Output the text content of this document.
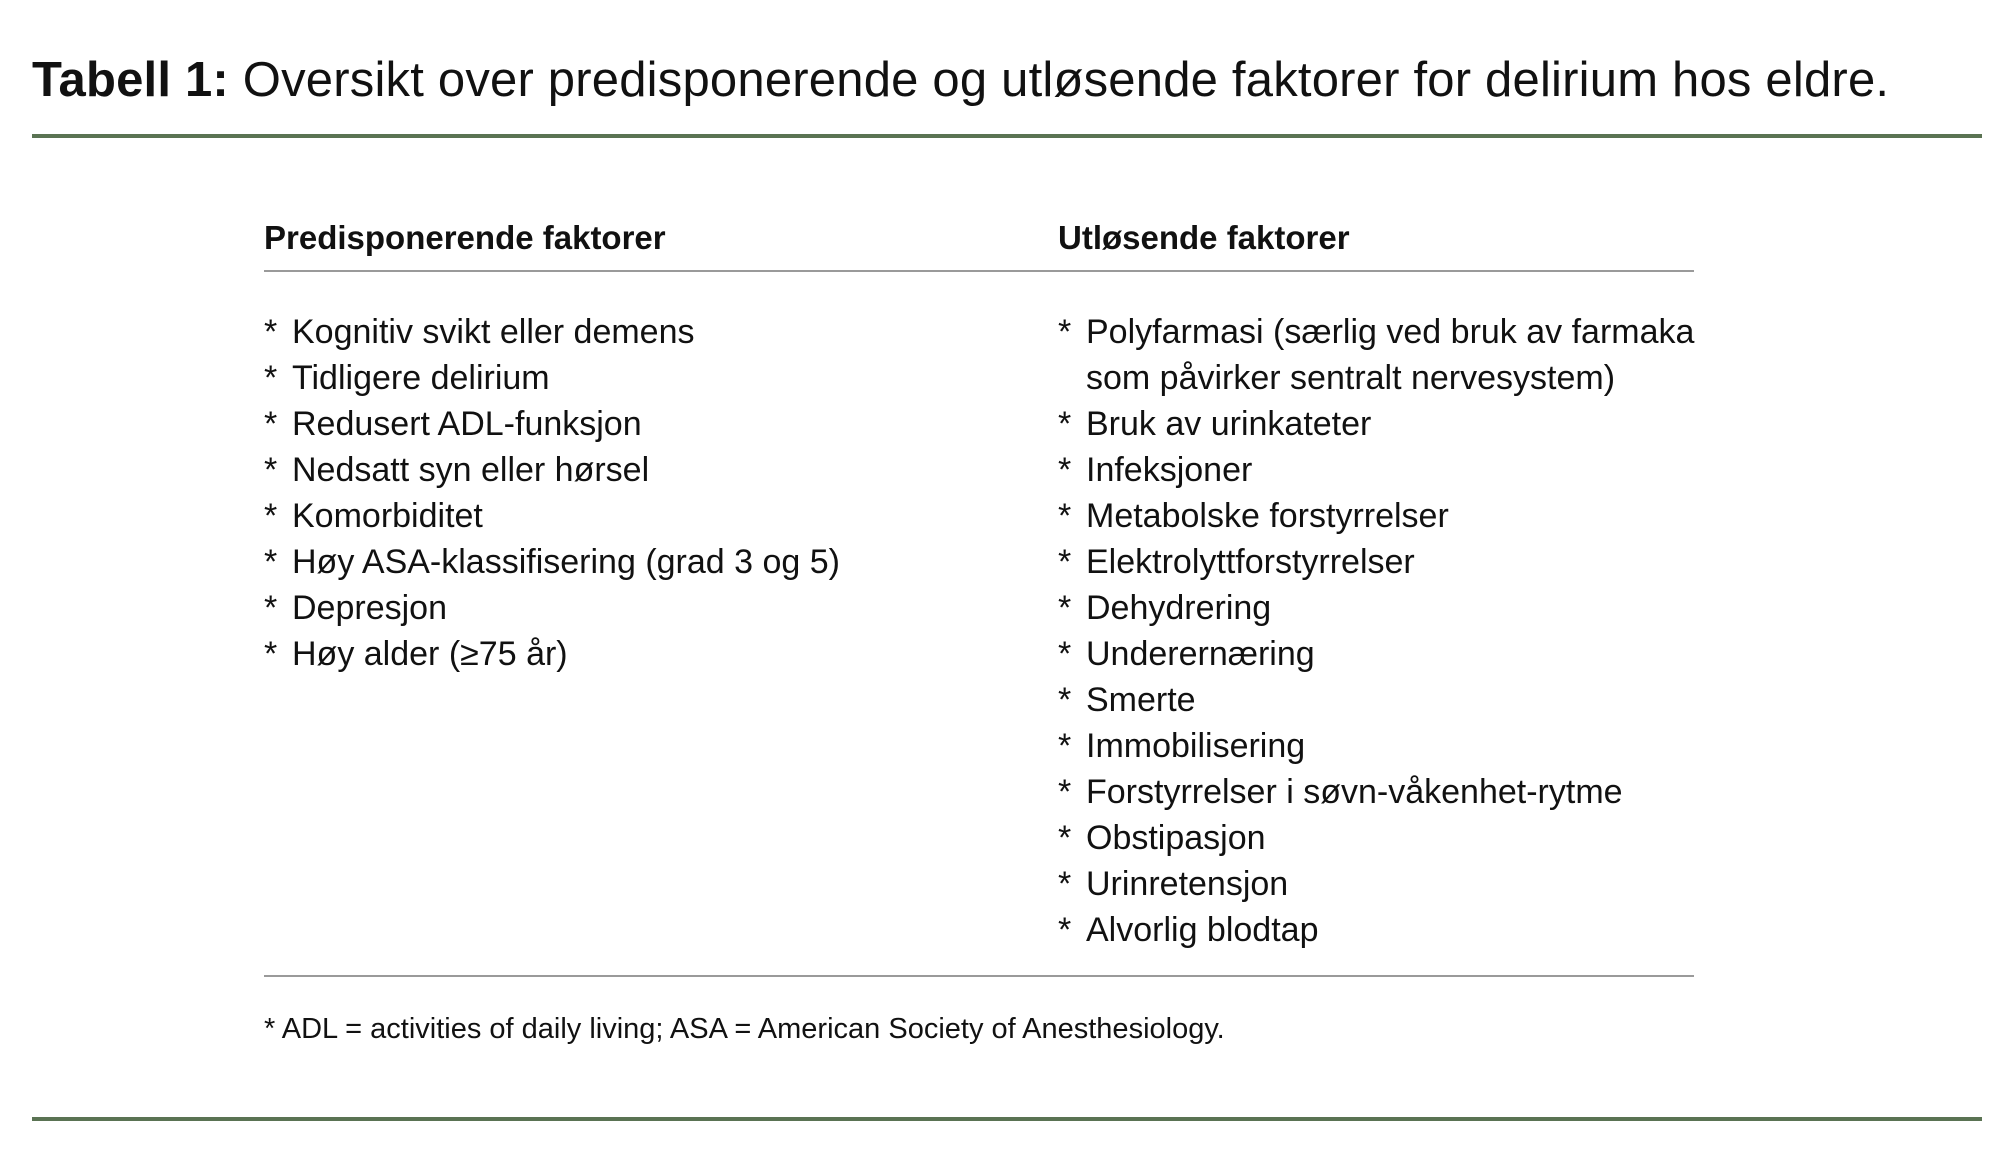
Tabell 1: Oversikt over predisponerende og utløsende faktorer for delirium hos eldre.
Predisponerende faktorer	Utløsende faktorer
* Kognitiv svikt eller demens
* Tidligere delirium
* Redusert ADL-funksjon
* Nedsatt syn eller hørsel
* Komorbiditet
* Høy ASA-klassifisering (grad 3 og 5)
* Depresjon
* Høy alder (≥75 år)
* Polyfarmasi (særlig ved bruk av farmaka
som påvirker sentralt nervesystem)
* Bruk av urinkateter
* Infeksjoner
* Metabolske forstyrrelser
* Elektrolyttforstyrrelser
* Dehydrering
* Underernæring
* Smerte
* Immobilisering
* Forstyrrelser i søvn-våkenhet-rytme
* Obstipasjon
* Urinretensjon
* Alvorlig blodtap
* ADL = activities of daily living; ASA = American Society of Anesthesiology.
